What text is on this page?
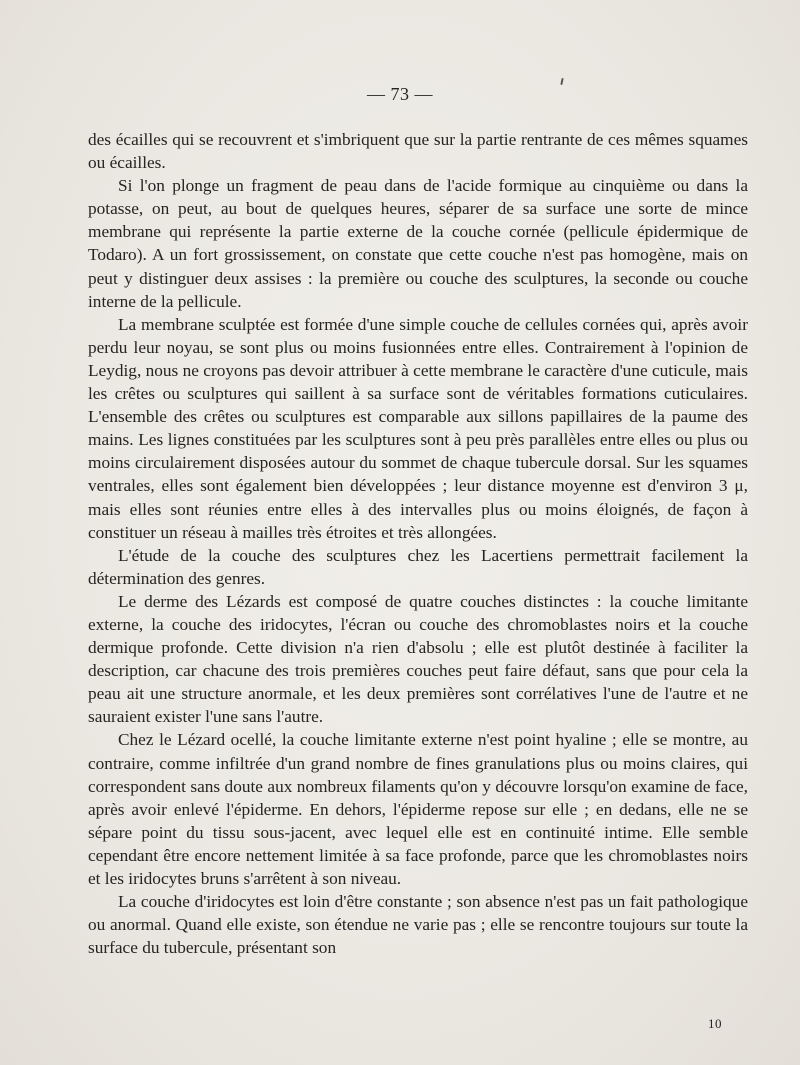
— 73 —

des écailles qui se recouvrent et s'imbriquent que sur la partie rentrante de ces mêmes squames ou écailles.

Si l'on plonge un fragment de peau dans de l'acide formique au cinquième ou dans la potasse, on peut, au bout de quelques heures, séparer de sa surface une sorte de mince membrane qui représente la partie externe de la couche cornée (pellicule épidermique de Todaro). A un fort grossissement, on constate que cette couche n'est pas homogène, mais on peut y distinguer deux assises : la première ou couche des sculptures, la seconde ou couche interne de la pellicule.

La membrane sculptée est formée d'une simple couche de cellules cornées qui, après avoir perdu leur noyau, se sont plus ou moins fusionnées entre elles. Contrairement à l'opinion de Leydig, nous ne croyons pas devoir attribuer à cette membrane le caractère d'une cuticule, mais les crêtes ou sculptures qui saillent à sa surface sont de véritables formations cuticulaires. L'ensemble des crêtes ou sculptures est comparable aux sillons papillaires de la paume des mains. Les lignes constituées par les sculptures sont à peu près parallèles entre elles ou plus ou moins circulairement disposées autour du sommet de chaque tubercule dorsal. Sur les squames ventrales, elles sont également bien développées ; leur distance moyenne est d'environ 3 μ, mais elles sont réunies entre elles à des intervalles plus ou moins éloignés, de façon à constituer un réseau à mailles très étroites et très allongées.

L'étude de la couche des sculptures chez les Lacertiens permettrait facilement la détermination des genres.

Le derme des Lézards est composé de quatre couches distinctes : la couche limitante externe, la couche des iridocytes, l'écran ou couche des chromoblastes noirs et la couche dermique profonde. Cette division n'a rien d'absolu ; elle est plutôt destinée à faciliter la description, car chacune des trois premières couches peut faire défaut, sans que pour cela la peau ait une structure anormale, et les deux premières sont corrélatives l'une de l'autre et ne sauraient exister l'une sans l'autre.

Chez le Lézard ocellé, la couche limitante externe n'est point hyaline ; elle se montre, au contraire, comme infiltrée d'un grand nombre de fines granulations plus ou moins claires, qui correspondent sans doute aux nombreux filaments qu'on y découvre lorsqu'on examine de face, après avoir enlevé l'épiderme. En dehors, l'épiderme repose sur elle ; en dedans, elle ne se sépare point du tissu sous-jacent, avec lequel elle est en continuité intime. Elle semble cependant être encore nettement limitée à sa face profonde, parce que les chromoblastes noirs et les iridocytes bruns s'arrêtent à son niveau.

La couche d'iridocytes est loin d'être constante ; son absence n'est pas un fait pathologique ou anormal. Quand elle existe, son étendue ne varie pas ; elle se rencontre toujours sur toute la surface du tubercule, présentant son

10
